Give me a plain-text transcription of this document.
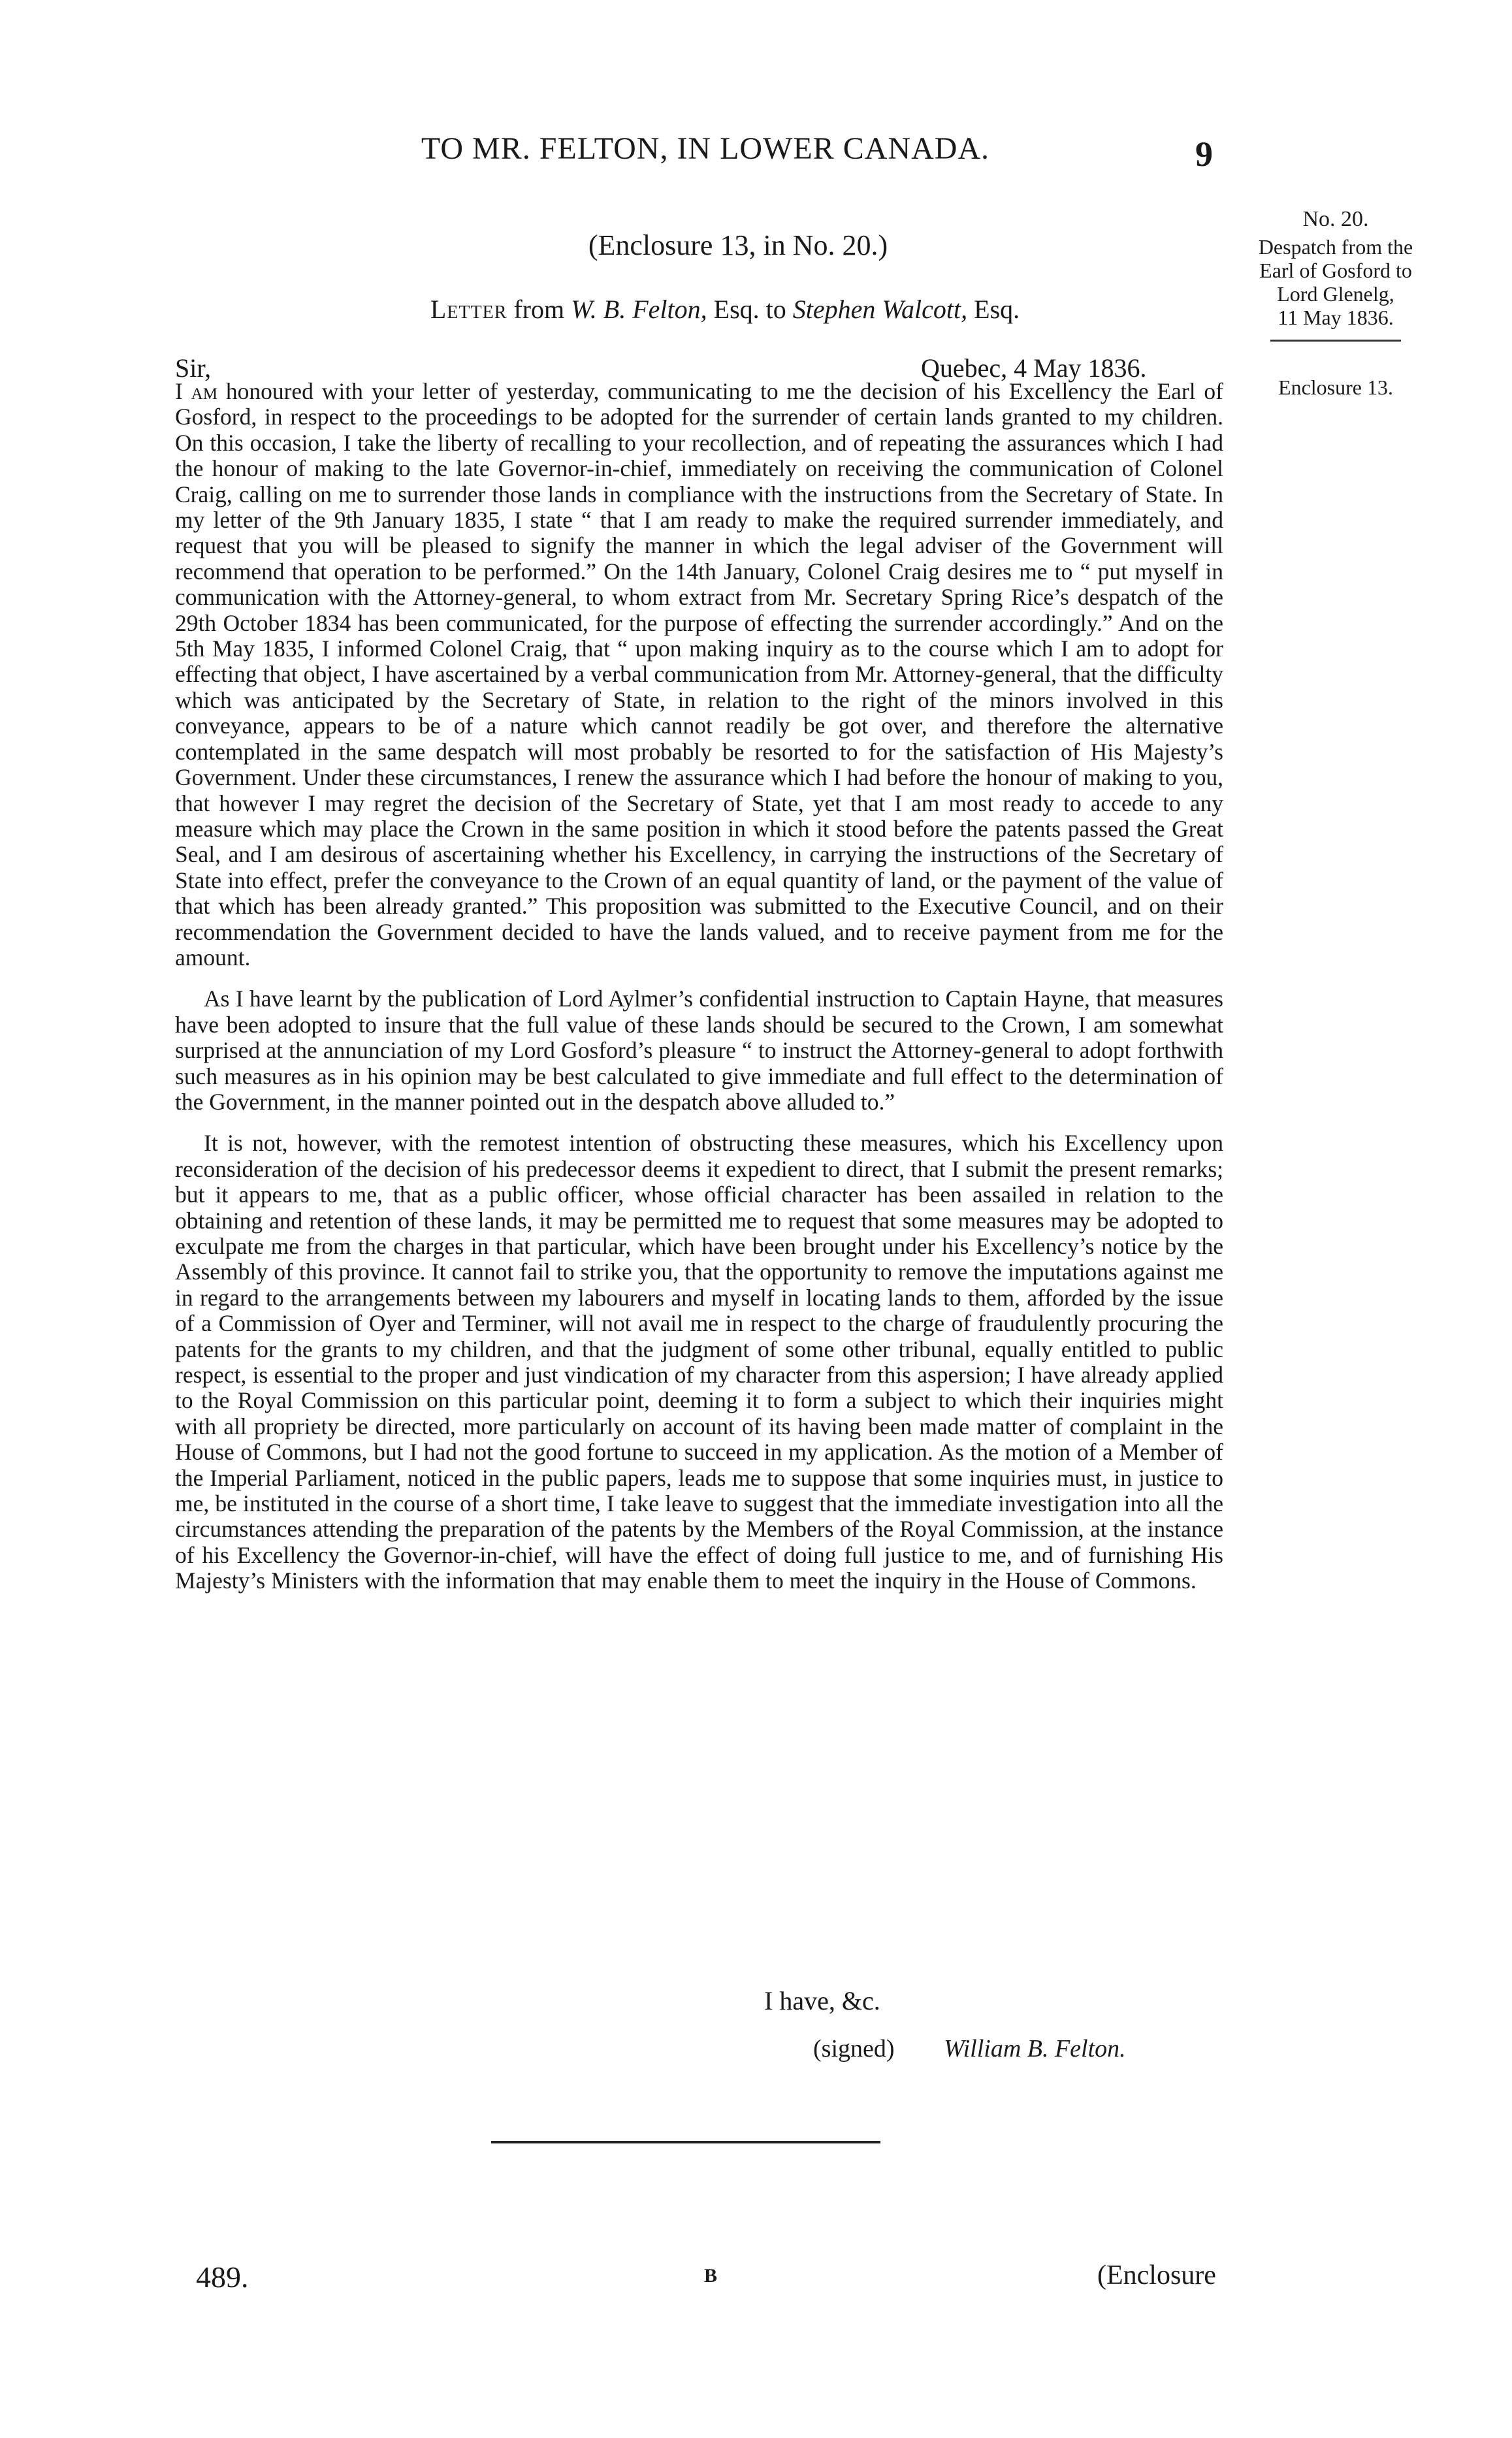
TO MR. FELTON, IN LOWER CANADA.	9
No. 20.
Despatch from the
Earl of Gosford to
Lord Glenelg,
11 May 1836.
Enclosure 13.
(Enclosure 13, in No. 20.)
Letter from W. B. Felton, Esq. to Stephen Walcott, Esq.
Sir,	Quebec, 4 May 1836.

I am honoured with your letter of yesterday, communicating to me the decision of his Excellency the Earl of Gosford, in respect to the proceedings to be adopted for the surrender of certain lands granted to my children. On this occasion, I take the liberty of recalling to your recollection, and of repeating the assurances which I had the honour of making to the late Governor-in-chief, immediately on receiving the communication of Colonel Craig, calling on me to surrender those lands in compliance with the instructions from the Secretary of State. In my letter of the 9th January 1835, I state “ that I am ready to make the required surrender immediately, and request that you will be pleased to signify the manner in which the legal adviser of the Government will recommend that operation to be performed.” On the 14th January, Colonel Craig desires me to “ put myself in communication with the Attorney-general, to whom extract from Mr. Secretary Spring Rice’s despatch of the 29th October 1834 has been communicated, for the purpose of effecting the surrender accordingly.” And on the 5th May 1835, I informed Colonel Craig, that “ upon making inquiry as to the course which I am to adopt for effecting that object, I have ascertained by a verbal communication from Mr. Attorney-general, that the difficulty which was anticipated by the Secretary of State, in relation to the right of the minors involved in this conveyance, appears to be of a nature which cannot readily be got over, and therefore the alternative contemplated in the same despatch will most probably be resorted to for the satisfaction of His Majesty’s Government. Under these circumstances, I renew the assurance which I had before the honour of making to you, that however I may regret the decision of the Secretary of State, yet that I am most ready to accede to any measure which may place the Crown in the same position in which it stood before the patents passed the Great Seal, and I am desirous of ascertaining whether his Excellency, in carrying the instructions of the Secretary of State into effect, prefer the conveyance to the Crown of an equal quantity of land, or the payment of the value of that which has been already granted.” This proposition was submitted to the Executive Council, and on their recommendation the Government decided to have the lands valued, and to receive payment from me for the amount.

As I have learnt by the publication of Lord Aylmer’s confidential instruction to Captain Hayne, that measures have been adopted to insure that the full value of these lands should be secured to the Crown, I am somewhat surprised at the annunciation of my Lord Gosford’s pleasure “ to instruct the Attorney-general to adopt forthwith such measures as in his opinion may be best calculated to give immediate and full effect to the determination of the Government, in the manner pointed out in the despatch above alluded to.”

It is not, however, with the remotest intention of obstructing these measures, which his Excellency upon reconsideration of the decision of his predecessor deems it expedient to direct, that I submit the present remarks; but it appears to me, that as a public officer, whose official character has been assailed in relation to the obtaining and retention of these lands, it may be permitted me to request that some measures may be adopted to exculpate me from the charges in that particular, which have been brought under his Excellency’s notice by the Assembly of this province. It cannot fail to strike you, that the opportunity to remove the imputations against me in regard to the arrangements between my labourers and myself in locating lands to them, afforded by the issue of a Commission of Oyer and Terminer, will not avail me in respect to the charge of fraudulently procuring the patents for the grants to my children, and that the judgment of some other tribunal, equally entitled to public respect, is essential to the proper and just vindication of my character from this aspersion; I have already applied to the Royal Commission on this particular point, deeming it to form a subject to which their inquiries might with all propriety be directed, more particularly on account of its having been made matter of complaint in the House of Commons, but I had not the good fortune to succeed in my application. As the motion of a Member of the Imperial Parliament, noticed in the public papers, leads me to suppose that some inquiries must, in justice to me, be instituted in the course of a short time, I take leave to suggest that the immediate investigation into all the circumstances attending the preparation of the patents by the Members of the Royal Commission, at the instance of his Excellency the Governor-in-chief, will have the effect of doing full justice to me, and of furnishing His Majesty’s Ministers with the information that may enable them to meet the inquiry in the House of Commons.

I have, &c.
(signed) William B. Felton.
489.	B	(Enclosure
